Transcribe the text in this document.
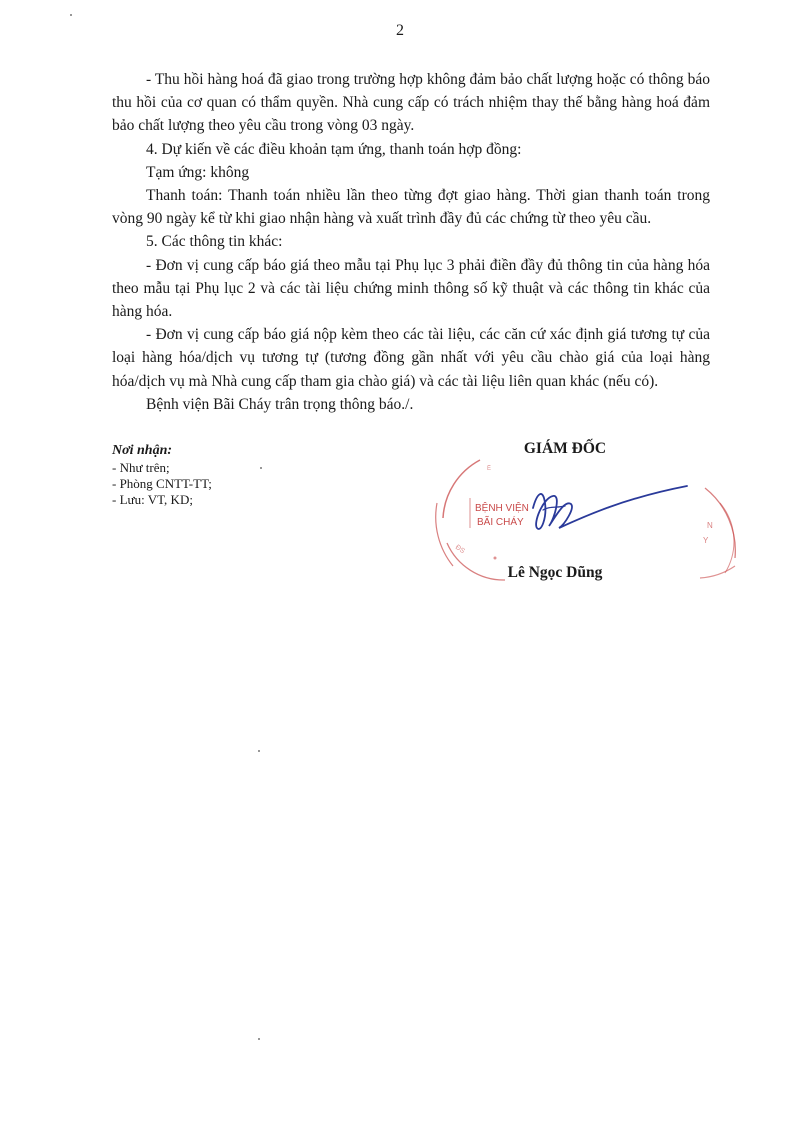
2

- Thu hồi hàng hoá đã giao trong trường hợp không đảm bảo chất lượng hoặc có thông báo thu hồi của cơ quan có thẩm quyền. Nhà cung cấp có trách nhiệm thay thế bằng hàng hoá đảm bảo chất lượng theo yêu cầu trong vòng 03 ngày.

4. Dự kiến về các điều khoản tạm ứng, thanh toán hợp đồng:

Tạm ứng: không

Thanh toán: Thanh toán nhiều lần theo từng đợt giao hàng. Thời gian thanh toán trong vòng 90 ngày kể từ khi giao nhận hàng và xuất trình đầy đủ các chứng từ theo yêu cầu.

5. Các thông tin khác:

- Đơn vị cung cấp báo giá theo mẫu tại Phụ lục 3 phải điền đầy đủ thông tin của hàng hóa theo mẫu tại Phụ lục 2 và các tài liệu chứng minh thông số kỹ thuật và các thông tin khác của hàng hóa.

- Đơn vị cung cấp báo giá nộp kèm theo các tài liệu, các căn cứ xác định giá tương tự của loại hàng hóa/dịch vụ tương tự (tương đồng gần nhất với yêu cầu chào giá của loại hàng hóa/dịch vụ mà Nhà cung cấp tham gia chào giá) và các tài liệu liên quan khác (nếu có).

Bệnh viện Bãi Cháy trân trọng thông báo./.

Nơi nhận:
- Như trên;
- Phòng CNTT-TT;
- Lưu: VT, KD;
BỆNH VIỆN
BÃI CHÁY
Ế
ĐS
N
Y
GIÁM ĐỐC
Lê Ngọc Dũng
